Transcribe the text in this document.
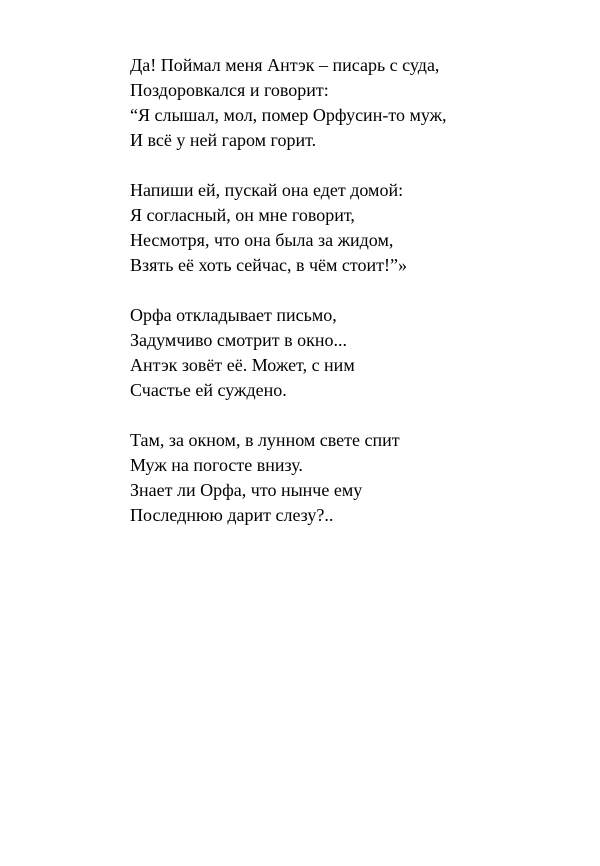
Да! Поймал меня Антэк – писарь с суда,
Поздоровкался и говорит:
“Я слышал, мол, помер Орфусин-то муж,
И всё у ней гаром горит.
Напиши ей, пускай она едет домой:
Я согласный, он мне говорит,
Несмотря, что она была за жидом,
Взять её хоть сейчас, в чём стоит!”»
Орфа откладывает письмо,
Задумчиво смотрит в окно...
Антэк зовёт её. Может, с ним
Счастье ей суждено.
Там, за окном, в лунном свете спит
Муж на погосте внизу.
Знает ли Орфа, что нынче ему
Последнюю дарит слезу?..
